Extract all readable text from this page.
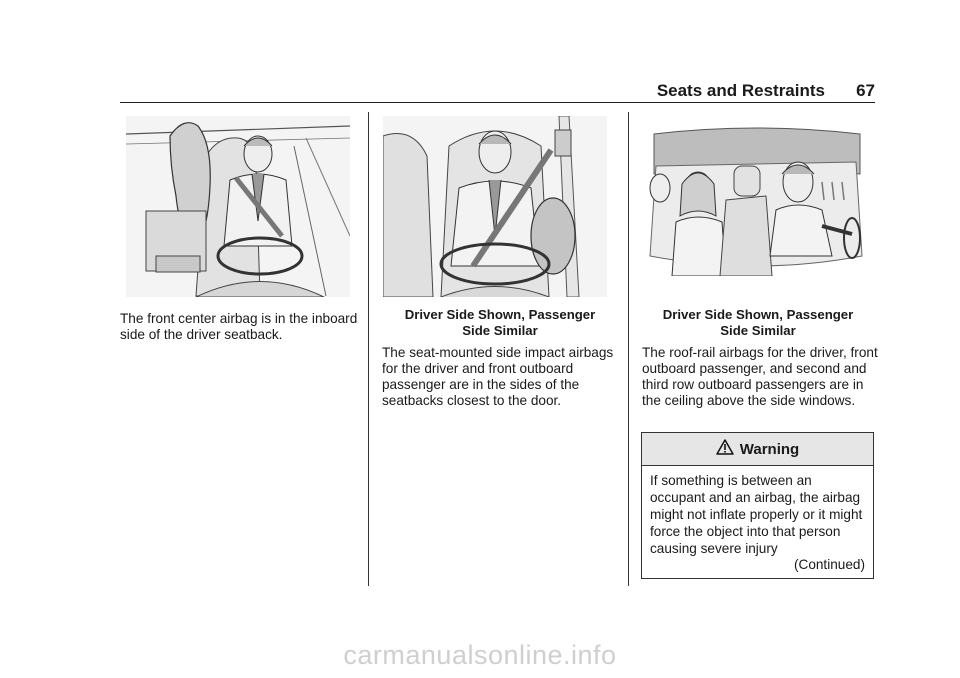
Seats and Restraints 67

The front center airbag is in the inboard side of the driver seatback.

Driver Side Shown, Passenger
Side Similar

The seat-mounted side impact airbags for the driver and front outboard passenger are in the sides of the seatbacks closest to the door.

Driver Side Shown, Passenger
Side Similar

The roof-rail airbags for the driver, front outboard passenger, and second and third row outboard passengers are in the ceiling above the side windows.

Warning
If something is between an occupant and an airbag, the airbag might not inflate properly or it might force the object into that person causing severe injury
(Continued)
carmanualsonline.info
